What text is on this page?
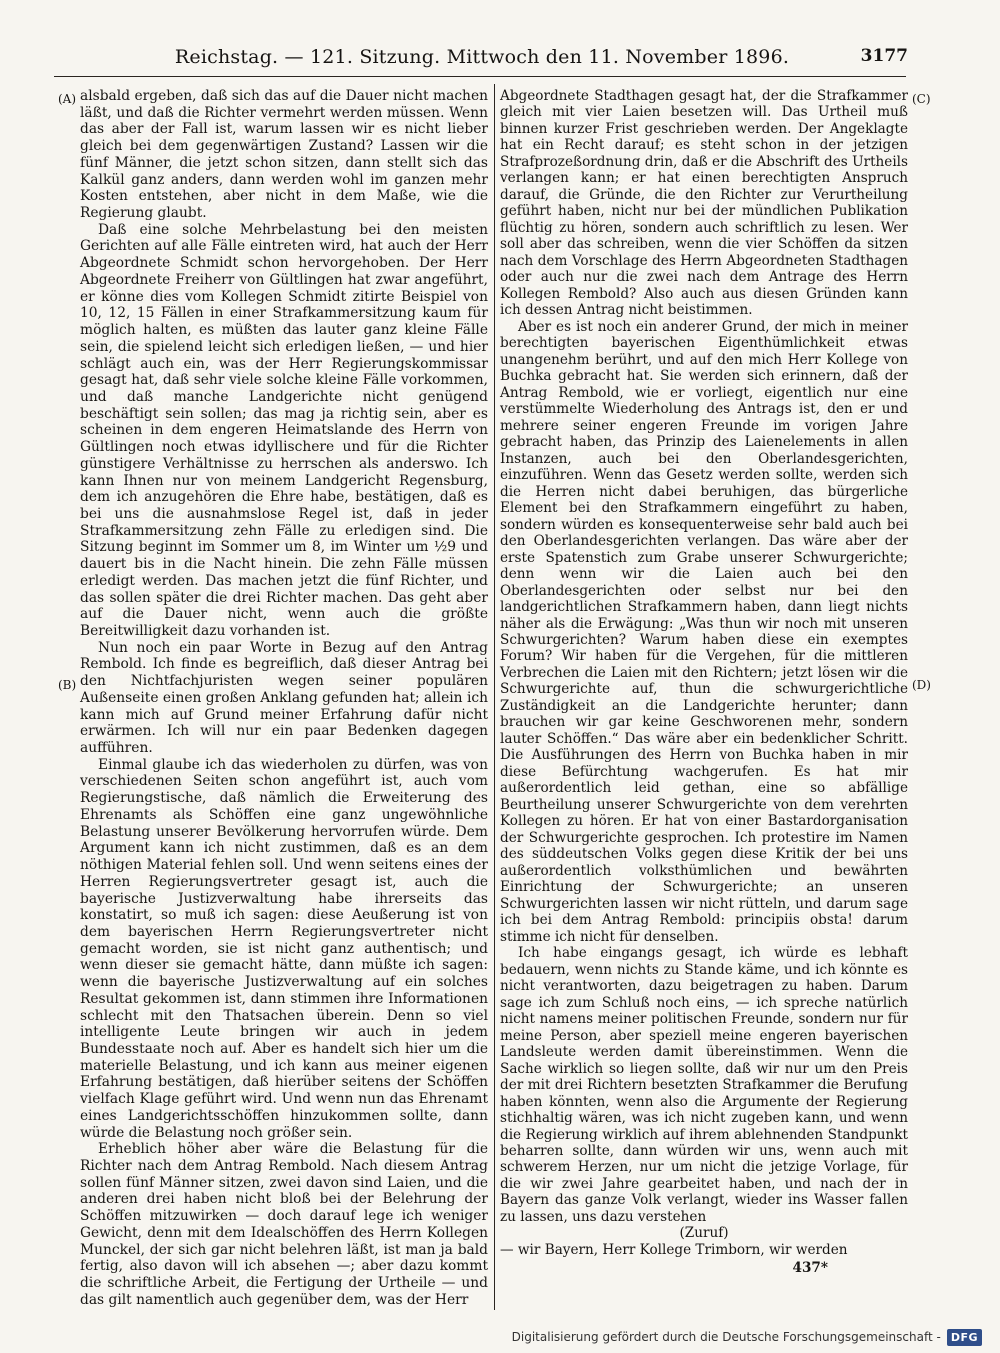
Reichstag. — 121. Sitzung. Mittwoch den 11. November 1896.	3177
(A)
(B)
(C)
(D)

alsbald ergeben, daß sich das auf die Dauer nicht machen läßt, und daß die Richter vermehrt werden müssen. Wenn das aber der Fall ist, warum lassen wir es nicht lieber gleich bei dem gegenwärtigen Zustand? Lassen wir die fünf Männer, die jetzt schon sitzen, dann stellt sich das Kalkül ganz anders, dann werden wohl im ganzen mehr Kosten entstehen, aber nicht in dem Maße, wie die Regierung glaubt.

Daß eine solche Mehrbelastung bei den meisten Gerichten auf alle Fälle eintreten wird, hat auch der Herr Abgeordnete Schmidt schon hervorgehoben. Der Herr Abgeordnete Freiherr von Gültlingen hat zwar angeführt, er könne dies vom Kollegen Schmidt zitirte Beispiel von 10, 12, 15 Fällen in einer Strafkammersitzung kaum für möglich halten, es müßten das lauter ganz kleine Fälle sein, die spielend leicht sich erledigen ließen, — und hier schlägt auch ein, was der Herr Regierungskommissar gesagt hat, daß sehr viele solche kleine Fälle vorkommen, und daß manche Landgerichte nicht genügend beschäftigt sein sollen; das mag ja richtig sein, aber es scheinen in dem engeren Heimatslande des Herrn von Gültlingen noch etwas idyllischere und für die Richter günstigere Verhältnisse zu herrschen als anderswo. Ich kann Ihnen nur von meinem Landgericht Regensburg, dem ich anzugehören die Ehre habe, bestätigen, daß es bei uns die ausnahmslose Regel ist, daß in jeder Strafkammersitzung zehn Fälle zu erledigen sind. Die Sitzung beginnt im Sommer um 8, im Winter um ½9 und dauert bis in die Nacht hinein. Die zehn Fälle müssen erledigt werden. Das machen jetzt die fünf Richter, und das sollen später die drei Richter machen. Das geht aber auf die Dauer nicht, wenn auch die größte Bereitwilligkeit dazu vorhanden ist.

Nun noch ein paar Worte in Bezug auf den Antrag Rembold. Ich finde es begreiflich, daß dieser Antrag bei den Nichtfachjuristen wegen seiner populären Außenseite einen großen Anklang gefunden hat; allein ich kann mich auf Grund meiner Erfahrung dafür nicht erwärmen. Ich will nur ein paar Bedenken dagegen aufführen.

Einmal glaube ich das wiederholen zu dürfen, was von verschiedenen Seiten schon angeführt ist, auch vom Regierungstische, daß nämlich die Erweiterung des Ehrenamts als Schöffen eine ganz ungewöhnliche Belastung unserer Bevölkerung hervorrufen würde. Dem Argument kann ich nicht zustimmen, daß es an dem nöthigen Material fehlen soll. Und wenn seitens eines der Herren Regierungsvertreter gesagt ist, auch die bayerische Justizverwaltung habe ihrerseits das konstatirt, so muß ich sagen: diese Aeußerung ist von dem bayerischen Herrn Regierungsvertreter nicht gemacht worden, sie ist nicht ganz authentisch; und wenn dieser sie gemacht hätte, dann müßte ich sagen: wenn die bayerische Justizverwaltung auf ein solches Resultat gekommen ist, dann stimmen ihre Informationen schlecht mit den Thatsachen überein. Denn so viel intelligente Leute bringen wir auch in jedem Bundesstaate noch auf. Aber es handelt sich hier um die materielle Belastung, und ich kann aus meiner eigenen Erfahrung bestätigen, daß hierüber seitens der Schöffen vielfach Klage geführt wird. Und wenn nun das Ehrenamt eines Landgerichtsschöffen hinzukommen sollte, dann würde die Belastung noch größer sein.

Erheblich höher aber wäre die Belastung für die Richter nach dem Antrag Rembold. Nach diesem Antrag sollen fünf Männer sitzen, zwei davon sind Laien, und die anderen drei haben nicht bloß bei der Belehrung der Schöffen mitzuwirken — doch darauf lege ich weniger Gewicht, denn mit dem Idealschöffen des Herrn Kollegen Munckel, der sich gar nicht belehren läßt, ist man ja bald fertig, also davon will ich absehen —; aber dazu kommt die schriftliche Arbeit, die Fertigung der Urtheile — und das gilt namentlich auch gegenüber dem, was der Herr

Abgeordnete Stadthagen gesagt hat, der die Strafkammer gleich mit vier Laien besetzen will. Das Urtheil muß binnen kurzer Frist geschrieben werden. Der Angeklagte hat ein Recht darauf; es steht schon in der jetzigen Strafprozeßordnung drin, daß er die Abschrift des Urtheils verlangen kann; er hat einen berechtigten Anspruch darauf, die Gründe, die den Richter zur Verurtheilung geführt haben, nicht nur bei der mündlichen Publikation flüchtig zu hören, sondern auch schriftlich zu lesen. Wer soll aber das schreiben, wenn die vier Schöffen da sitzen nach dem Vorschlage des Herrn Abgeordneten Stadthagen oder auch nur die zwei nach dem Antrage des Herrn Kollegen Rembold? Also auch aus diesen Gründen kann ich dessen Antrag nicht beistimmen.

Aber es ist noch ein anderer Grund, der mich in meiner berechtigten bayerischen Eigenthümlichkeit etwas unangenehm berührt, und auf den mich Herr Kollege von Buchka gebracht hat. Sie werden sich erinnern, daß der Antrag Rembold, wie er vorliegt, eigentlich nur eine verstümmelte Wiederholung des Antrags ist, den er und mehrere seiner engeren Freunde im vorigen Jahre gebracht haben, das Prinzip des Laienelements in allen Instanzen, auch bei den Oberlandesgerichten, einzuführen. Wenn das Gesetz werden sollte, werden sich die Herren nicht dabei beruhigen, das bürgerliche Element bei den Strafkammern eingeführt zu haben, sondern würden es konsequenterweise sehr bald auch bei den Oberlandesgerichten verlangen. Das wäre aber der erste Spatenstich zum Grabe unserer Schwurgerichte; denn wenn wir die Laien auch bei den Oberlandesgerichten oder selbst nur bei den landgerichtlichen Strafkammern haben, dann liegt nichts näher als die Erwägung: „Was thun wir noch mit unseren Schwurgerichten? Warum haben diese ein exemptes Forum? Wir haben für die Vergehen, für die mittleren Verbrechen die Laien mit den Richtern; jetzt lösen wir die Schwurgerichte auf, thun die schwurgerichtliche Zuständigkeit an die Landgerichte herunter; dann brauchen wir gar keine Geschworenen mehr, sondern lauter Schöffen.“ Das wäre aber ein bedenklicher Schritt. Die Ausführungen des Herrn von Buchka haben in mir diese Befürchtung wachgerufen. Es hat mir außerordentlich leid gethan, eine so abfällige Beurtheilung unserer Schwurgerichte von dem verehrten Kollegen zu hören. Er hat von einer Bastardorganisation der Schwurgerichte gesprochen. Ich protestire im Namen des süddeutschen Volks gegen diese Kritik der bei uns außerordentlich volksthümlichen und bewährten Einrichtung der Schwurgerichte; an unseren Schwurgerichten lassen wir nicht rütteln, und darum sage ich bei dem Antrag Rembold: principiis obsta! darum stimme ich nicht für denselben.

Ich habe eingangs gesagt, ich würde es lebhaft bedauern, wenn nichts zu Stande käme, und ich könnte es nicht verantworten, dazu beigetragen zu haben. Darum sage ich zum Schluß noch eins, — ich spreche natürlich nicht namens meiner politischen Freunde, sondern nur für meine Person, aber speziell meine engeren bayerischen Landsleute werden damit übereinstimmen. Wenn die Sache wirklich so liegen sollte, daß wir nur um den Preis der mit drei Richtern besetzten Strafkammer die Berufung haben könnten, wenn also die Argumente der Regierung stichhaltig wären, was ich nicht zugeben kann, und wenn die Regierung wirklich auf ihrem ablehnenden Standpunkt beharren sollte, dann würden wir uns, wenn auch mit schwerem Herzen, nur um nicht die jetzige Vorlage, für die wir zwei Jahre gearbeitet haben, und nach der in Bayern das ganze Volk verlangt, wieder ins Wasser fallen zu lassen, uns dazu verstehen

(Zuruf)

— wir Bayern, Herr Kollege Trimborn, wir werden

437*

Digitalisierung gefördert durch die Deutsche Forschungsgemeinschaft - DFG
